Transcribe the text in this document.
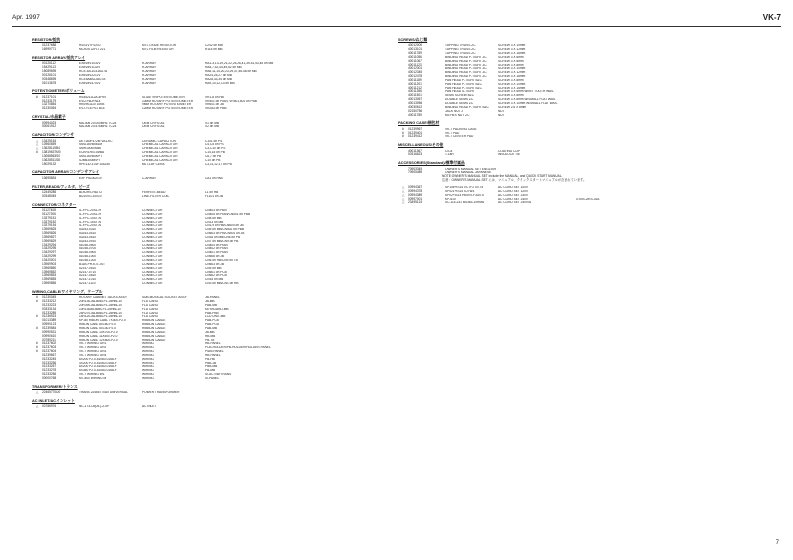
Apr. 1997	VK-7
RESISTOR/抵抗
01237688	RSS1VTP220J	MTL OXIDE RESISTOR	C242 on MB
16999771	MCR25 JZH J 221	MTL FILM RESISTOR	R115 on MB
RESISTOR ARRAY/抵抗アレイ
00126112	EXBV8V103JV	R-ARRAY	RA1-3,13-19,21,22,25,26,41,39-41,43,45 on MB
15429113	EXBV8V113JV	R-ARRAY	RA5,7,42,44,49,52 on MB
15089695	RCE-5A-103JAG7A	R-ARRAY	RA6,11,14,20,23,29,37,46-48 on MB
00126101	EXBV8V221JV	R-ARRAY	RA24,25,27 on MB
00348695	RCE5A4B2JAG7A	R-ARRAY	RA28,33,34 on MB
01013678	EXBV8V470JV	R-ARRAY	RA9,10,12,13 on MB
POTENTIOMETER/ボリューム
#	01237101	RS4521112A-4PIN	SLIDE VR/POTENTIOMETER	VR1-8 on HB
01233179	EVU-F6DFN14	10MM ROTARY POTENTIOMETER	VR401 on PIAN, VR501,502 on PBB
13270854	RK09K1110 10KB	9MM ROTARY POTENTIOMETER	VR601 on JB
01230054	EVJ-Y15 F01 B14	12MM ROTARY POTENTIOMETER	VR283 on PBB
CRYSTAL/水晶素子
00994023	MA-406 20.000MHZ TC24	OEM CRYSTAL	X1 on MB
00061912	MA-406 24.576MHZ TC24	OEM CRYSTAL	X2 on MB
CAPACITOR/コンデンサ
△	13425154	DE7160F472M VA1-KC	CERAMIC CAPACITOR	C101 on PS
△	13960659	SMG16VB561M	CHEMICAL CAPACITOR	C4,C5 on PS
△	13628115B4	SMR10000M50	CHEMICAL CAPACITOR	C3,C10 on PS
#	13819637M0	ECKR1H472MBA	CHEMICAL CAPACITOR	C14,15 on PB
13068563S0	SMG16VB4M+T	CHEMICAL CAPACITOR	C6,7 on PB
13628511S8	SJM6300M4+T	CHEMICAL CAPACITOR	C10 on PB
15029132	RPE132-101F104Z50	MLT-LAY CERA	C3,11,12,17 on PB
CAPACITOR ARRAY/コンデンサアレイ
13695834	EXF P6100ZGV	C-ARRAY	CA1 on PAB
FILTER,BEADS/フィルタ、ビーズ
12449285	BLR2RS-R62T2	FERRITE-BEAD	L1 on HB
00348045	BU10VG-10010	LINE-FILTER COIL	FL101 on JB
CONNECTOR/コネクター
01127408	IL-FPC-20SL-H	CONNECTOR	CN403 on PAN
01127206	IL-FPC-24SL-H	CONNECTOR	CN405 on PIAN/CN501 on PBB
13379151	IL-FPC-14ST-N	CONNECTOR	CN8 on MB
13379152	IL-FPC-15ST-N	CONNECTOR	CN13 on MB
13379154	IL-FPC-20ST-N	CONNECTOR	CN1,9 on HB/CN604 on JB
13969825	53253-0310	CONNECTOR	CN5 on MB/CN502 on PBB
13969826	53253-0410	CONNECTOR	CN603 on PB/CN501 on JB
13969827	53253-0510	CONNECTOR	CN16 on MB/CN6 on PB
13969829	53253-0910	CONNECTOR	CN7 on MB/CN9 on PB
13429294	51048-0500	CONNECTOR	CN404 on PIAN
13429295	51048-0700	CONNECTOR	CN402 on PIAN
13429297	51048-0900	CONNECTOR	CN401 on PIAN
13429299	51048-1000	CONNECTOR	CN606 on JB
13420001	51048-1200	CONNECTOR	CN6 on RB/CN9 on TB
13969903	B11B-PH-K-S JST	CONNECTOR	CN603 on JB
13969850	52147-0510	CONNECTOR	CN5 on MB
13969852	52147-0710	CONNECTOR	CN601 on PCB
13969853	52147-0810	CONNECTOR	CN602 on PCB
13969855	52147-1010	CONNECTOR	CN15 on MB
13969856	52147-1110	CONNECTOR	CN3 on MB/CN1 on HB
WIRING,CABLE/ワイヤリング、ケーブル
#	01230045	ROTARY CABINET JACKS ASSY	SUB-MUSICAL SOCKET ASSY	JB-PANEL
#	01233212	20R130-A6-BBB-P1-25HBL10	FLU CARD	JB-MB
01233223	20R390-A6-BBB-P1-25HBL10	FLU CARD	PAB-MB
00333134	10R130A6-BBB-P1-25HBL10	FLU CARD	KEYBOARD-MB
01233289	24R270-A6-BBB-P1-25HBL10	FLU CARD	PAB-PBB
#	01236923	14R120-A6-BBB-P1-25HBL10	FLU CARD	LCD UNIT-MB
01013389	KP-80 RIBON CABL 7X300-P2.0	RIBBON CABLE	PAB-PCB
00990123	RIBON CABL 8X160-P2.0	RIBBON CABLE	PAB-PCB
#	01239584	RIBON CABL 5X130-P2.0	RIBBON CABLE	PAB-MB
00990531	RIBON CABL 10X700-P2.0	RIBBON CABLE	JB-MB
00990610	RIBON CABL 11X500-P2.0	RIBBON CABLE	HB-MB
00789211	RIBON CABL 12X500-P2.0	RIBBON CABLE	PB-TB
#	01237602	VK-7 WIRING GR1	WIRING	HB-PANEL
#	01237603	VK-7 WIRING GR2	WIRING	PCB-HOLDER/PB-HOLDER/HOLDER-PANEL
#	01237604	VK-7 WIRING GR3	WIRING	PIAN-PANEL
01239667	VK-7 WIRING GR4	WIRING	HB-PANEL
01233245	6X200 P2.0-51060-0168-F	WIRING	PB-HB
01233256	4X200 P2.0-51060-0168-F	WIRING	PBB-JB
01233257	6X200 P2.0-51060-0168-F	WIRING	PBB-MB
01233278	6X350 P2.0-51060-0168-F	WIRING	PB-MB
01233256	VK-7 WIRING W1	WIRING	SI-AC SW/TRANS
00000768	MT-800 WIRING M	WIRING	SI-PANEL
TRANSFORMER/トランス
△	22465770U0	TRANS 22465770U0 UNIVERSAL	POWER TRANSFORMER
AC INLET/ACインレット
△	00786976	NC-173-15(04-)-Z-0P	AC INLET
SCREWS/ねじ類
40012000	TAPPING TRUSS ZC	SCREW 3 X 10mm
40013101	TAPPING TRUSS ZC	SCREW 3 X 12mm
40011789	TAPPING TRUSS ZC	SCREW 3 X 16mm
40011056	BINDING HEAD P-TIGHT ZC	SCREW 3 X 6mm
40011067	BINDING HEAD P-TIGHT ZC	SCREW 3 X 8mm
40011123	BINDING HEAD P-TIGHT ZC	SCREW 3 X 8mm
40012301	BINDING HEAD P-TIGHT ZC	SCREW 3 X 10mm
40012345	BINDING HEAD P-TIGHT ZC	SCREW 3 X 12mm
40012478	BINDING HEAD P-TIGHT ZC	SCREW 3 X 16mm
40011189	PAN HEAD P-TIGHT BZC	SCREW 3 X 8mm
40011201	PAN HEAD P-TIGHT BZC	SCREW 3 X 10mm
40011212	PAN HEAD P-TIGHT BZC	SCREW 3 X 16mm
40011356	PAN HEAD S-TIGHT	SCREW 3 X 6mm W/INT TOOTH WAS.
40011501	SEMS SCREW BZC	SCREW 3 X 8mm
40013067	DOUBLE SEMS ZC	SCREW 3 X 8mm W/SMALL FLAT WAS.
40013056	DOUBLE SEMS ZC	SCREW 3 X 10mm W/SMALL FLAT WAS.
40030612	BINDING HEAD P-TIGHT BZC	SCREW 2.6 X 8mm
02150756	JACK NUT 2	NUT
40011789	M3 HEX NUT ZC	NUT
PACKING CASE/梱包材
#	01239967	VK-7 PACKING CASE
#	01239401	VK-7 PAD
#	01239412	VK-7 CENTER PAD
MISCELLANEOUS/その他
40011367	CS-8	COATING CLIP
00316623	T-18R	INSULOCK TIE
ACCESSORIES(Standard)/標準付属品
70903345	OWNER'S MANUAL SET ENGLISH
70905489	OWNER'S MANUAL JAPANESE
NOTE:OWNER'S MANUAL SET include the MANUAL, and QUICK START MANUAL.
注意：OWNER'S MANUAL SET には、マニュアル、クイックスタートマニュアルが含まれています。
△	00994367	SP106+IS14 VCTF2 X0.75	AC CORD SET 100V
△	00994378	SP021+IS14 SJTW3	AC CORD SET 120V
△	00994389	SP02+IS14 H05VV-F3G0.5	AC CORD SET 230V
△	00997001	KP-610	AC CORD SET 240V	GTBS-2/KS-31A
△	23495124	SC-114-231 BS363-10HMA	AC CORD SET 240V/A
7
